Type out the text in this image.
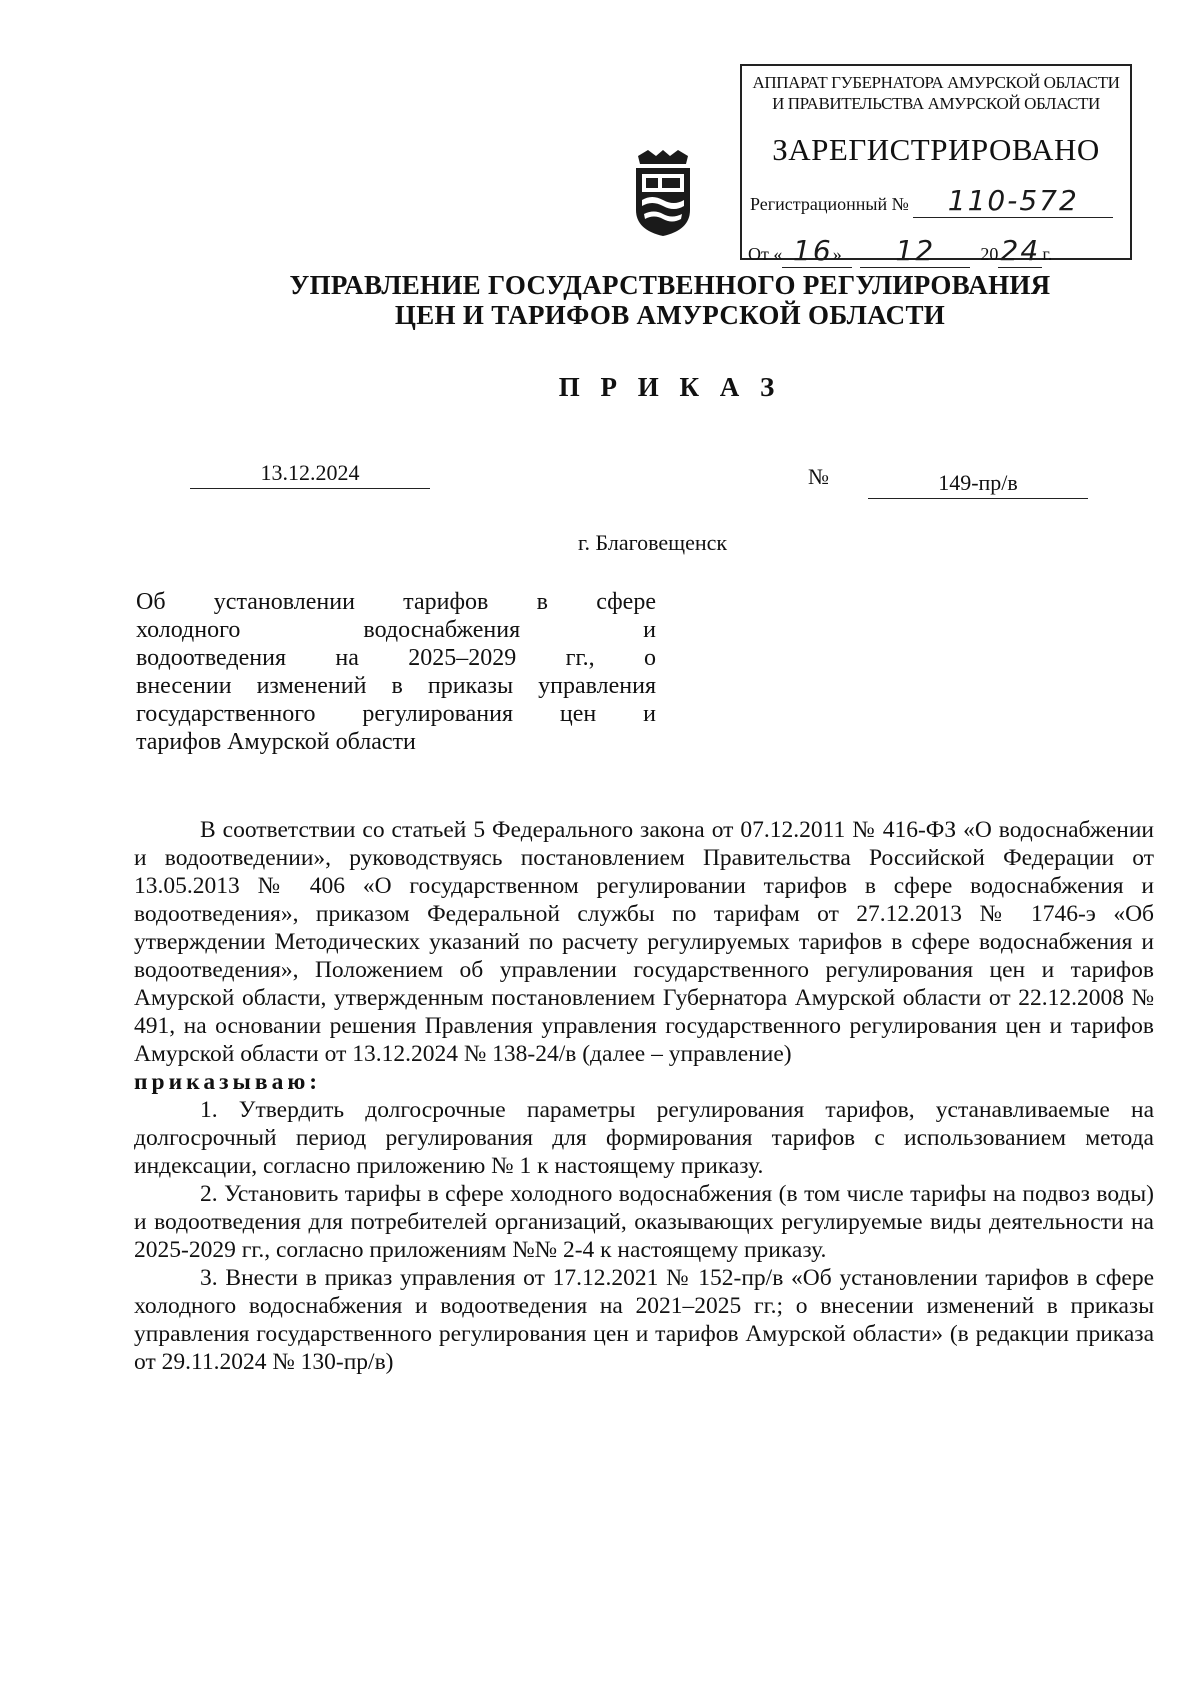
АППАРАТ ГУБЕРНАТОРА АМУРСКОЙ ОБЛАСТИ
И ПРАВИТЕЛЬСТВА АМУРСКОЙ ОБЛАСТИ
ЗАРЕГИСТРИРОВАНО
Регистрационный № 110-572
От « 16» 12	2024 г.
УПРАВЛЕНИЕ ГОСУДАРСТВЕННОГО РЕГУЛИРОВАНИЯ
ЦЕН И ТАРИФОВ АМУРСКОЙ ОБЛАСТИ
П Р И К А З
13.12.2024	№	149-пр/в
г. Благовещенск
Об установлении тарифов в сфере
холодного водоснабжения и
водоотведения на 2025–2029 гг., о
внесении изменений в приказы управления
государственного регулирования цен и
тарифов Амурской области

В соответствии со статьей 5 Федерального закона от 07.12.2011 № 416-ФЗ «О водоснабжении и водоотведении», руководствуясь постановлением Правительства Российской Федерации от 13.05.2013 № 406 «О государственном регулировании тарифов в сфере водоснабжения и водоотведения», приказом Федеральной службы по тарифам от 27.12.2013 № 1746-э «Об утверждении Методических указаний по расчету регулируемых тарифов в сфере водоснабжения и водоотведения», Положением об управлении государственного регулирования цен и тарифов Амурской области, утвержденным постановлением Губернатора Амурской области от 22.12.2008 № 491, на основании решения Правления управления государственного регулирования цен и тарифов Амурской области от 13.12.2024 № 138-24/в (далее – управление)

приказываю:

1. Утвердить долгосрочные параметры регулирования тарифов, устанавливаемые на долгосрочный период регулирования для формирования тарифов с использованием метода индексации, согласно приложению № 1 к настоящему приказу.

2. Установить тарифы в сфере холодного водоснабжения (в том числе тарифы на подвоз воды) и водоотведения для потребителей организаций, оказывающих регулируемые виды деятельности на 2025-2029 гг., согласно приложениям №№ 2-4 к настоящему приказу.

3. Внести в приказ управления от 17.12.2021 № 152-пр/в «Об установлении тарифов в сфере холодного водоснабжения и водоотведения на 2021–2025 гг.; о внесении изменений в приказы управления государственного регулирования цен и тарифов Амурской области» (в редакции приказа от 29.11.2024 № 130-пр/в)
